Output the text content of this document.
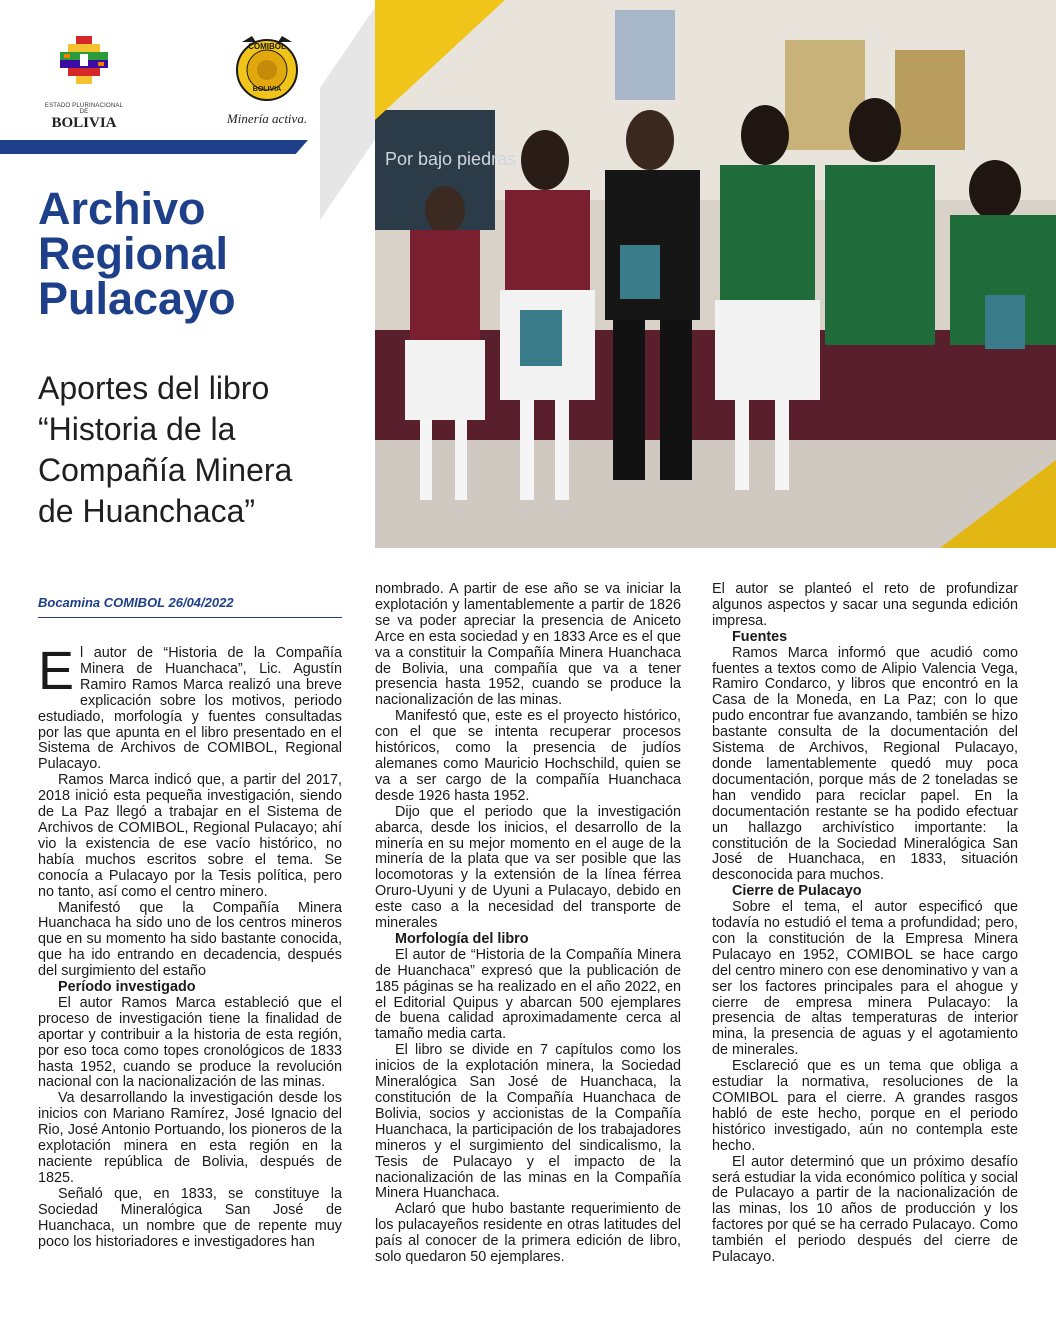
ESTADO PLURINACIONAL DE
BOLIVIA
COMIBOL
BOLIVIA
Minería activa.
Archivo
Regional
Pulacayo
Aportes del libro
“Historia de la
Compañía Minera
de Huanchaca”
Por bajo piedras
Bocamina COMIBOL 26/04/2022

El autor de “Historia de la Compañía Minera de Huanchaca”, Lic. Agustín Ramiro Ramos Marca realizó una breve explicación sobre los motivos, periodo estudiado, morfología y fuentes consultadas por las que apunta en el libro presentado en el Sistema de Archivos de COMIBOL, Regional Pulacayo.

Ramos Marca indicó que, a partir del 2017, 2018 inició esta pequeña investigación, siendo de La Paz llegó a trabajar en el Sistema de Archivos de COMIBOL, Regional Pulacayo; ahí vio la existencia de ese vacío histórico, no había muchos escritos sobre el tema. Se conocía a Pulacayo por la Tesis política, pero no tanto, así como el centro minero.

Manifestó que la Compañía Minera Huanchaca ha sido uno de los centros mineros que en su momento ha sido bastante conocida, que ha ido entrando en decadencia, después del surgimiento del estaño

Período investigado

El autor Ramos Marca estableció que el proceso de investigación tiene la finalidad de aportar y contribuir a la historia de esta región, por eso toca como topes cronológicos de 1833 hasta 1952, cuando se produce la revolución nacional con la nacionalización de las minas.

Va desarrollando la investigación desde los inicios con Mariano Ramírez, José Ignacio del Rio, José Antonio Portuando, los pioneros de la explotación minera en esta región en la naciente república de Bolivia, después de 1825.

Señaló que, en 1833, se constituye la Sociedad Mineralógica San José de Huanchaca, un nombre que de repente muy poco los historiadores e investigadores han

nombrado. A partir de ese año se va iniciar la explotación y lamentablemente a partir de 1826 se va poder apreciar la presencia de Aniceto Arce en esta sociedad y en 1833 Arce es el que va a constituir la Compañía Minera Huanchaca de Bolivia, una compañía que va a tener presencia hasta 1952, cuando se produce la nacionalización de las minas.

Manifestó que, este es el proyecto histórico, con el que se intenta recuperar procesos históricos, como la presencia de judíos alemanes como Mauricio Hochschild, quien se va a ser cargo de la compañía Huanchaca desde 1926 hasta 1952.

Dijo que el periodo que la investigación abarca, desde los inicios, el desarrollo de la minería en su mejor momento en el auge de la minería de la plata que va ser posible que las locomotoras y la extensión de la línea férrea Oruro-Uyuni y de Uyuni a Pulacayo, debido en este caso a la necesidad del transporte de minerales

Morfología del libro

El autor de “Historia de la Compañía Minera de Huanchaca” expresó que la publicación de 185 páginas se ha realizado en el año 2022, en el Editorial Quipus y abarcan 500 ejemplares de buena calidad aproximadamente cerca al tamaño media carta.

El libro se divide en 7 capítulos como los inicios de la explotación minera, la Sociedad Mineralógica San José de Huanchaca, la constitución de la Compañía Huanchaca de Bolivia, socios y accionistas de la Compañía Huanchaca, la participación de los trabajadores mineros y el surgimiento del sindicalismo, la Tesis de Pulacayo y el impacto de la nacionalización de las minas en la Compañía Minera Huanchaca.

Aclaró que hubo bastante requerimiento de los pulacayeños residente en otras latitudes del país al conocer de la primera edición de libro, solo quedaron 50 ejemplares.

El autor se planteó el reto de profundizar algunos aspectos y sacar una segunda edición impresa.

Fuentes

Ramos Marca informó que acudió como fuentes a textos como de Alipio Valencia Vega, Ramiro Condarco, y libros que encontró en la Casa de la Moneda, en La Paz; con lo que pudo encontrar fue avanzando, también se hizo bastante consulta de la documentación del Sistema de Archivos, Regional Pulacayo, donde lamentablemente quedó muy poca documentación, porque más de 2 toneladas se han vendido para reciclar papel. En la documentación restante se ha podido efectuar un hallazgo archivístico importante: la constitución de la Sociedad Mineralógica San José de Huanchaca, en 1833, situación desconocida para muchos.

Cierre de Pulacayo

Sobre el tema, el autor especificó que todavía no estudió el tema a profundidad; pero, con la constitución de la Empresa Minera Pulacayo en 1952, COMIBOL se hace cargo del centro minero con ese denominativo y van a ser los factores principales para el ahogue y cierre de empresa minera Pulacayo: la presencia de altas temperaturas de interior mina, la presencia de aguas y el agotamiento de minerales.

Esclareció que es un tema que obliga a estudiar la normativa, resoluciones de la COMIBOL para el cierre. A grandes rasgos habló de este hecho, porque en el periodo histórico investigado, aún no contempla este hecho.

El autor determinó que un próximo desafío será estudiar la vida económico política y social de Pulacayo a partir de la nacionalización de las minas, los 10 años de producción y los factores por qué se ha cerrado Pulacayo. Como también el periodo después del cierre de Pulacayo.
